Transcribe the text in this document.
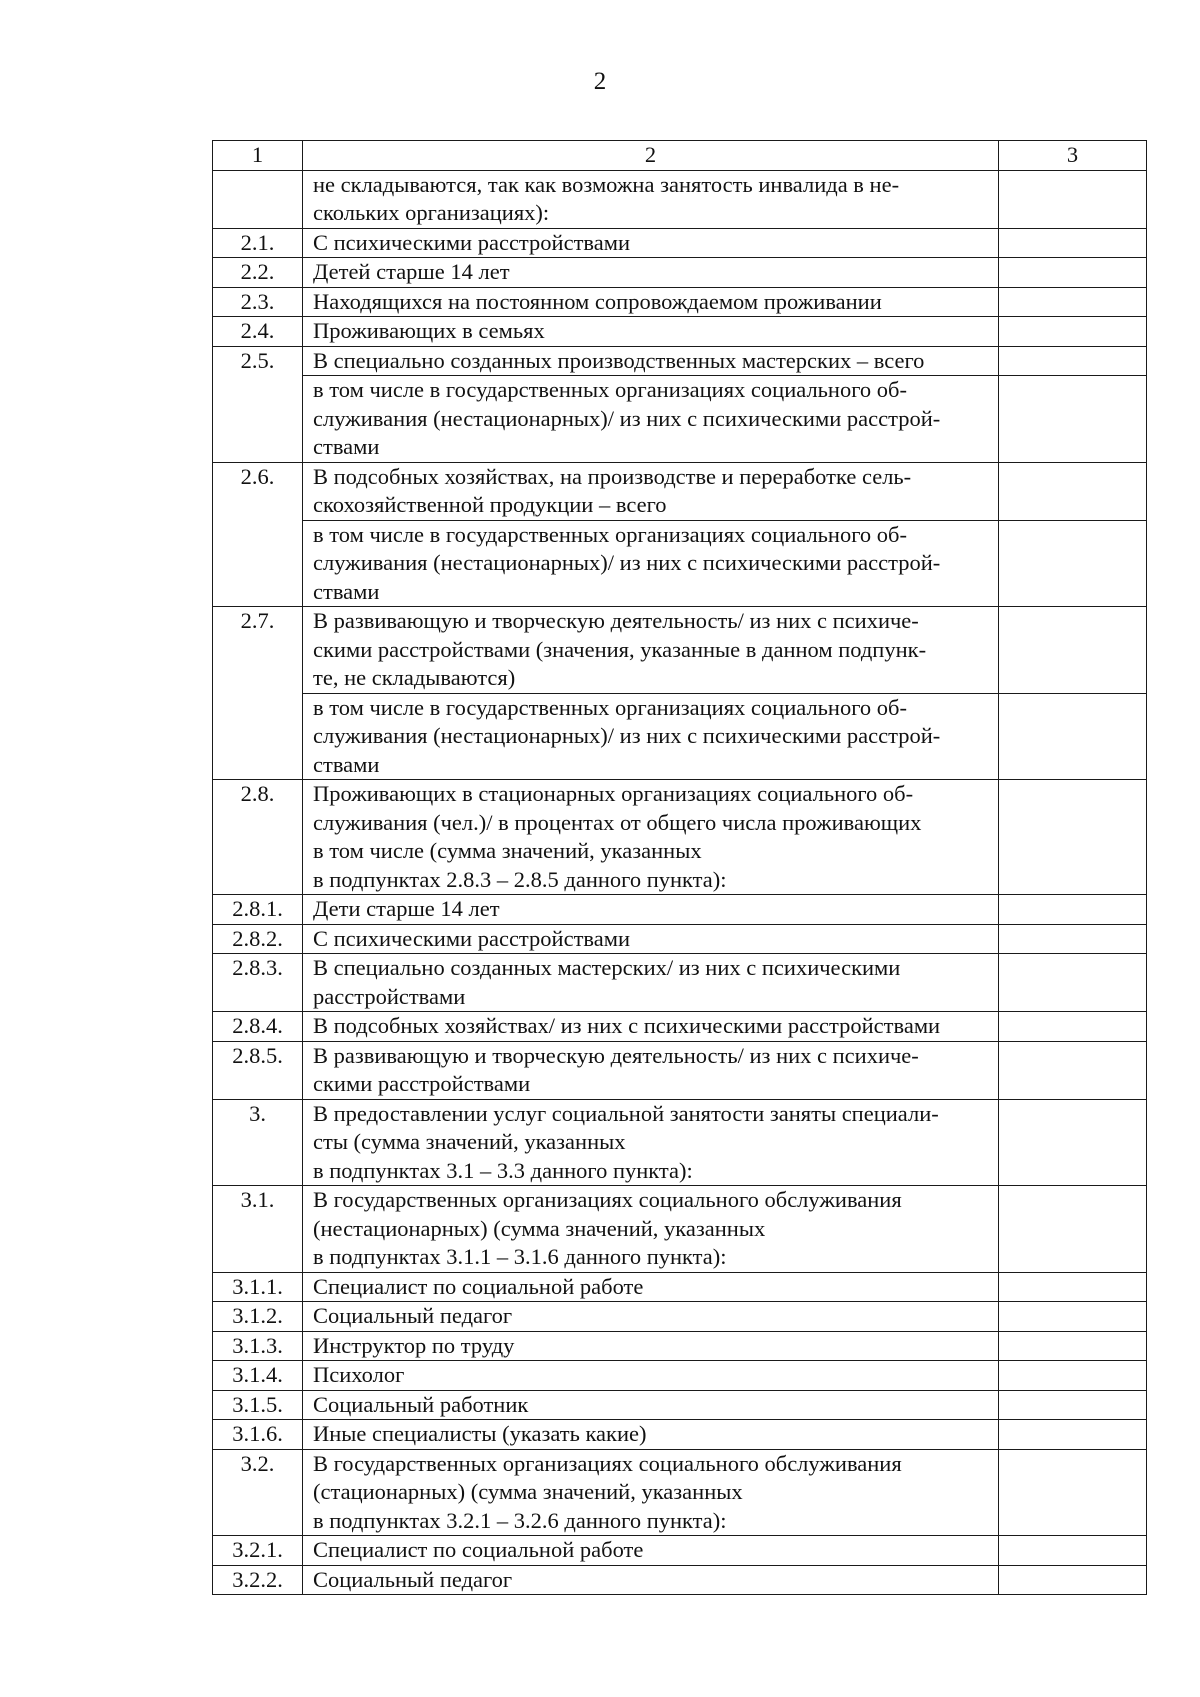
2
1	2	3
	не складываются, так как возможна занятость инвалида в не-
скольких организациях):	
2.1.	С психическими расстройствами	
2.2.	Детей старше 14 лет	
2.3.	Находящихся на постоянном сопровождаемом проживании	
2.4.	Проживающих в семьях	
2.5.	В специально созданных производственных мастерских – всего	
	в том числе в государственных организациях социального об-
служивания (нестационарных)/ из них с психическими расстрой-
ствами	
2.6.	В подсобных хозяйствах, на производстве и переработке сель-
скохозяйственной продукции – всего	
	в том числе в государственных организациях социального об-
служивания (нестационарных)/ из них с психическими расстрой-
ствами	
2.7.	В развивающую и творческую деятельность/ из них с психиче-
скими расстройствами (значения, указанные в данном подпунк-
те, не складываются)	
	в том числе в государственных организациях социального об-
служивания (нестационарных)/ из них с психическими расстрой-
ствами	
2.8.	Проживающих в стационарных организациях социального об-
служивания (чел.)/ в процентах от общего числа проживающих
в том числе (сумма значений, указанных
в подпунктах 2.8.3 – 2.8.5 данного пункта):	
2.8.1.	Дети старше 14 лет	
2.8.2.	С психическими расстройствами	
2.8.3.	В специально созданных мастерских/ из них с психическими
расстройствами	
2.8.4.	В подсобных хозяйствах/ из них с психическими расстройствами	
2.8.5.	В развивающую и творческую деятельность/ из них с психиче-
скими расстройствами	
3.	В предоставлении услуг социальной занятости заняты специали-
сты (сумма значений, указанных
в подпунктах 3.1 – 3.3 данного пункта):	
3.1.	В государственных организациях социального обслуживания
(нестационарных) (сумма значений, указанных
в подпунктах 3.1.1 – 3.1.6 данного пункта):	
3.1.1.	Специалист по социальной работе	
3.1.2.	Социальный педагог	
3.1.3.	Инструктор по труду	
3.1.4.	Психолог	
3.1.5.	Социальный работник	
3.1.6.	Иные специалисты (указать какие)	
3.2.	В государственных организациях социального обслуживания
(стационарных) (сумма значений, указанных
в подпунктах 3.2.1 – 3.2.6 данного пункта):	
3.2.1.	Специалист по социальной работе	
3.2.2.	Социальный педагог	
